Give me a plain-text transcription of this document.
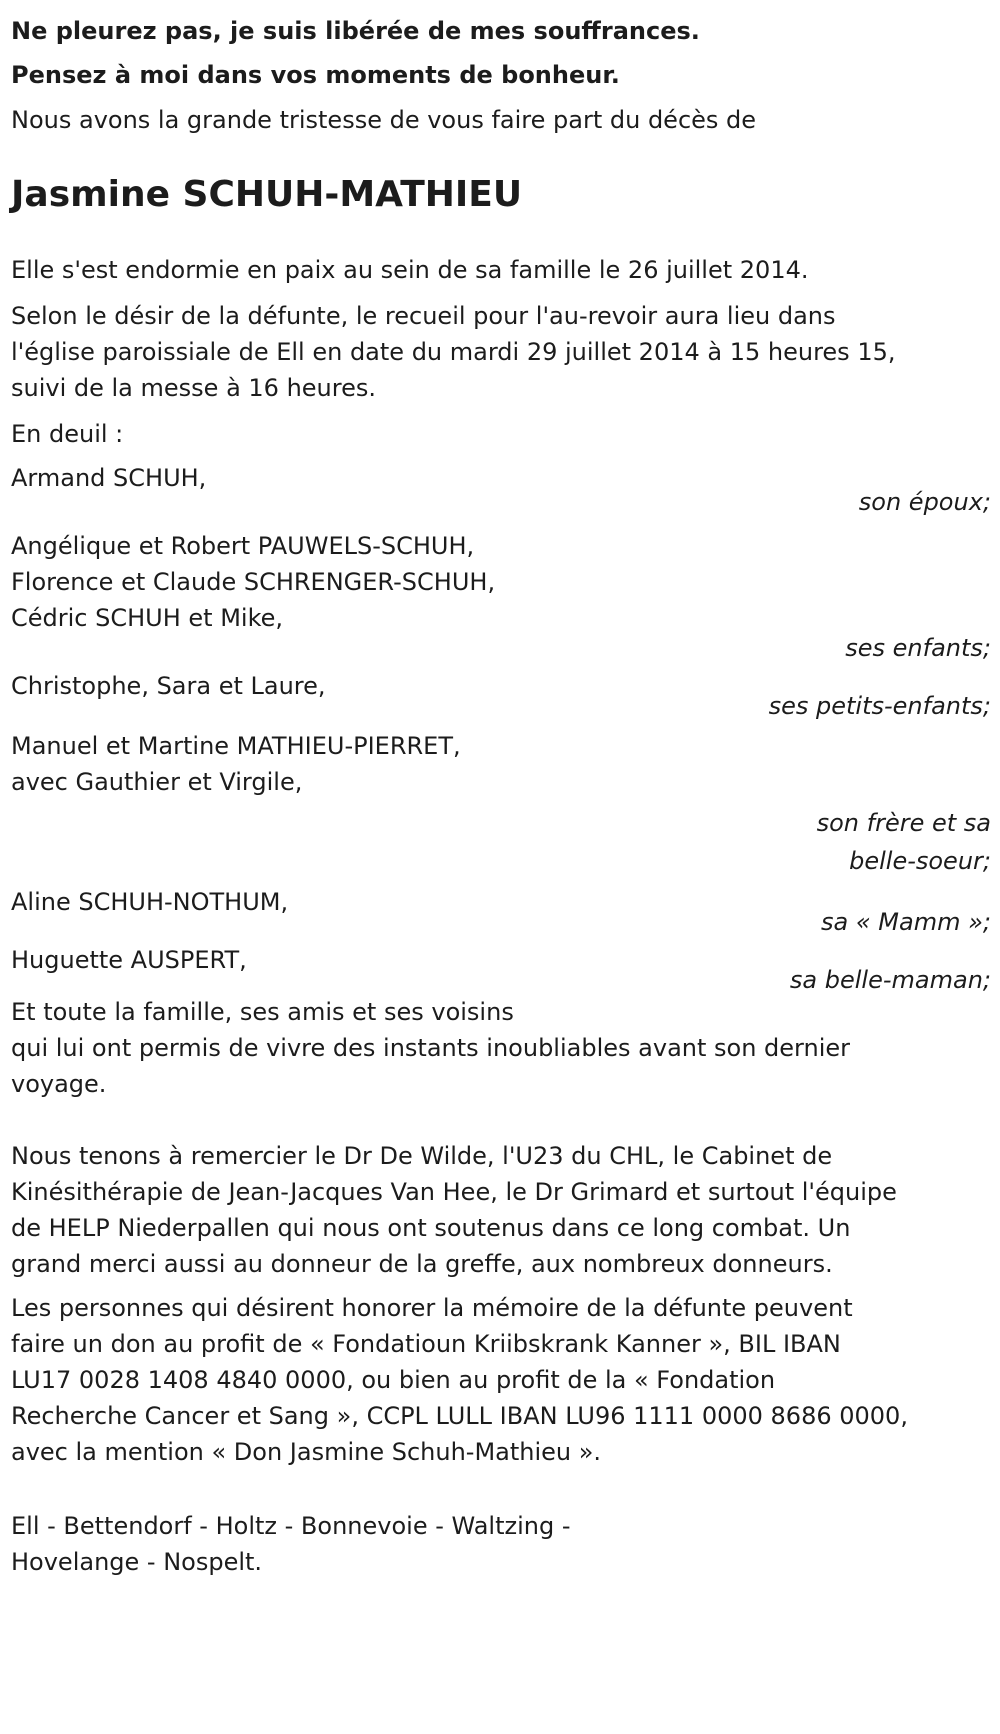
Ne pleurez pas, je suis libérée de mes souffrances.

Pensez à moi dans vos moments de bonheur.

Nous avons la grande tristesse de vous faire part du décès de

Jasmine SCHUH-MATHIEU

Elle s'est endormie en paix au sein de sa famille le 26 juillet 2014.

Selon le désir de la défunte, le recueil pour l'au-revoir aura lieu dans

l'église paroissiale de Ell en date du mardi 29 juillet 2014 à 15 heures 15,

suivi de la messe à 16 heures.

En deuil :

Armand SCHUH,

son époux;

Angélique et Robert PAUWELS-SCHUH,

Florence et Claude SCHRENGER-SCHUH,

Cédric SCHUH et Mike,

ses enfants;

Christophe, Sara et Laure,

ses petits-enfants;

Manuel et Martine MATHIEU-PIERRET,

avec Gauthier et Virgile,

son frère et sa

belle-soeur;

Aline SCHUH-NOTHUM,

sa « Mamm »;

Huguette AUSPERT,

sa belle-maman;

Et toute la famille, ses amis et ses voisins

qui lui ont permis de vivre des instants inoubliables avant son dernier

voyage.

Nous tenons à remercier le Dr De Wilde, l'U23 du CHL, le Cabinet de

Kinésithérapie de Jean-Jacques Van Hee, le Dr Grimard et surtout l'équipe

de HELP Niederpallen qui nous ont soutenus dans ce long combat. Un

grand merci aussi au donneur de la greffe, aux nombreux donneurs.

Les personnes qui désirent honorer la mémoire de la défunte peuvent

faire un don au profit de « Fondatioun Kriibskrank Kanner », BIL IBAN

LU17 0028 1408 4840 0000, ou bien au profit de la « Fondation

Recherche Cancer et Sang », CCPL LULL IBAN LU96 1111 0000 8686 0000,

avec la mention « Don Jasmine Schuh-Mathieu ».

Ell - Bettendorf - Holtz - Bonnevoie - Waltzing -

Hovelange - Nospelt.
